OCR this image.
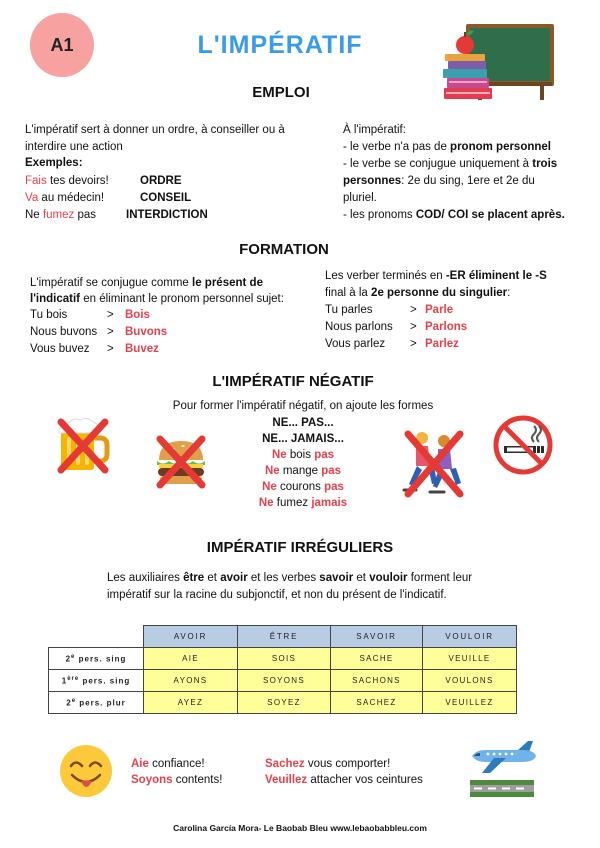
A1	L'IMPÉRATIF
EMPLOI
L'impératif sert à donner un ordre, à conseiller ou à
interdire une action
Exemples:
Fais tes devoirs!	ORDRE
Va au médecin!	CONSEIL
Ne fumez pas	INTERDICTION
À l'impératif:
- le verbe n'a pas de pronom personnel
- le verbe se conjugue uniquement à trois
personnes: 2e du sing, 1ere et 2e du
pluriel.
- les pronoms COD/ COI se placent après.
FORMATION
L'impératif se conjugue comme le présent de
l'indicatif en éliminant le pronom personnel sujet:
Tu bois	> Bois
Nous buvons > Buvons
Vous buvez > Buvez
Les verber terminés en -ER éliminent le -S
final à la 2e personne du singulier:
Tu parles	> Parle
Nous parlons > Parlons
Vous parlez > Parlez
L'IMPÉRATIF NÉGATIF
Pour former l'impératif négatif, on ajoute les formes
NE... PAS...
NE... JAMAIS...
Ne bois pas
Ne mange pas
Ne courons pas
Ne fumez jamais
IMPÉRATIF IRRÉGULIERS
Les auxiliaires être et avoir et les verbes savoir et vouloir forment leur
impératif sur la racine du subjonctif, et non du présent de l'indicatif.
	AVOIR	ÊTRE	SAVOIR	VOULOIR
2e pers. sing	AIE	SOIS	SACHE	VEUILLE
1ère pers. sing	AYONS	SOYONS	SACHONS	VOULONS
2e pers. plur	AYEZ	SOYEZ	SACHEZ	VEUILLEZ
Aie confiance!
Soyons contents!
Sachez vous comporter!
Veuillez attacher vos ceintures
Carolina García Mora- Le Baobab Bleu www.lebaobabbleu.com
